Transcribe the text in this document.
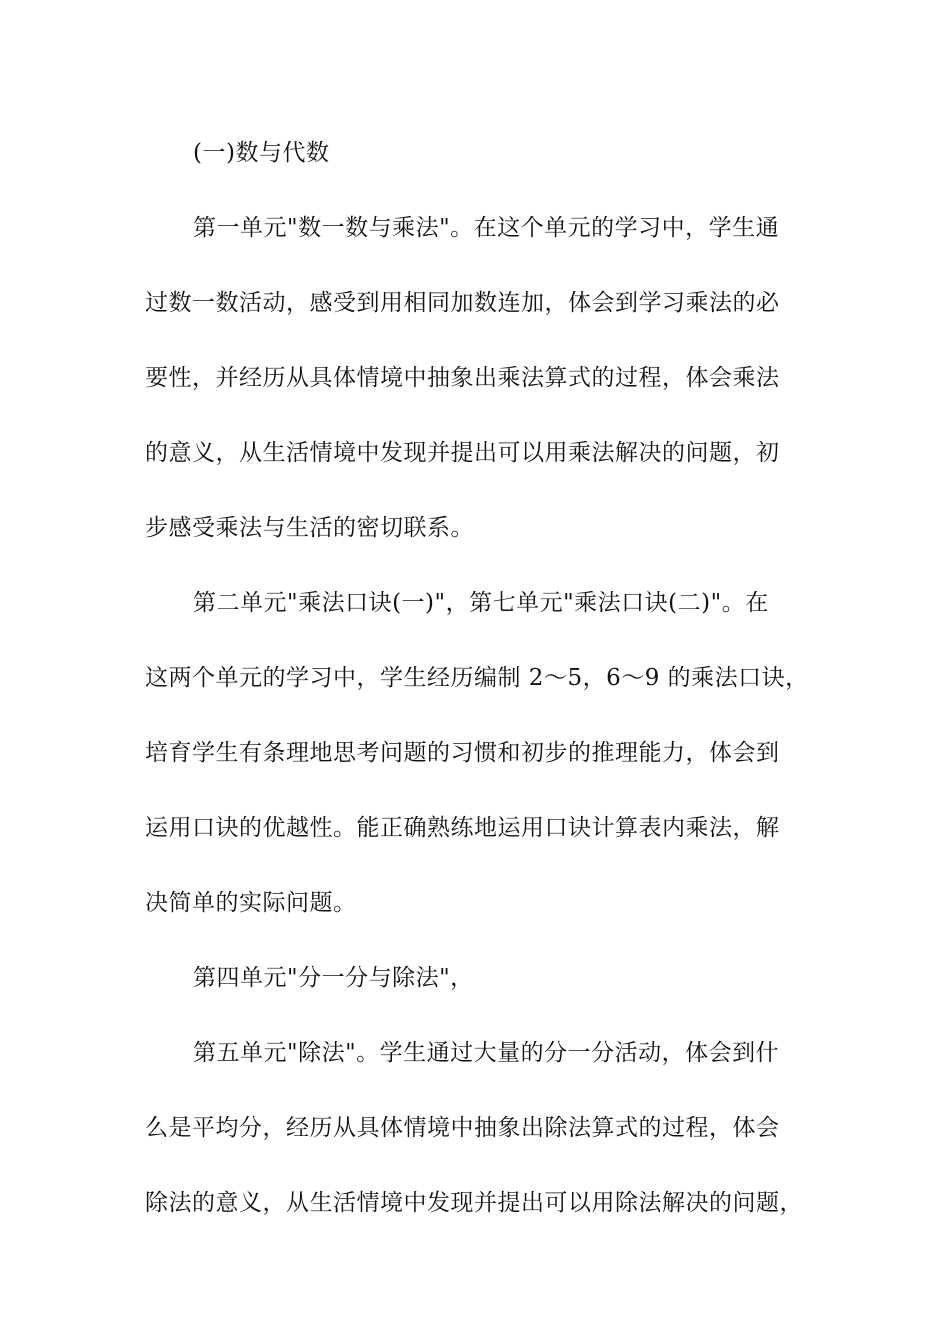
(一)数与代数
第一单元"数一数与乘法"。在这个单元的学习中，学生通
过数一数活动，感受到用相同加数连加，体会到学习乘法的必
要性，并经历从具体情境中抽象出乘法算式的过程，体会乘法
的意义，从生活情境中发现并提出可以用乘法解决的问题，初
步感受乘法与生活的密切联系。
第二单元"乘法口诀(一)"，第七单元"乘法口诀(二)"。在
这两个单元的学习中，学生经历编制 2～5，6～9 的乘法口诀，
培育学生有条理地思考问题的习惯和初步的推理能力，体会到
运用口诀的优越性。能正确熟练地运用口诀计算表内乘法，解
决简单的实际问题。
第四单元"分一分与除法"，
第五单元"除法"。学生通过大量的分一分活动，体会到什
么是平均分，经历从具体情境中抽象出除法算式的过程，体会
除法的意义，从生活情境中发现并提出可以用除法解决的问题，
